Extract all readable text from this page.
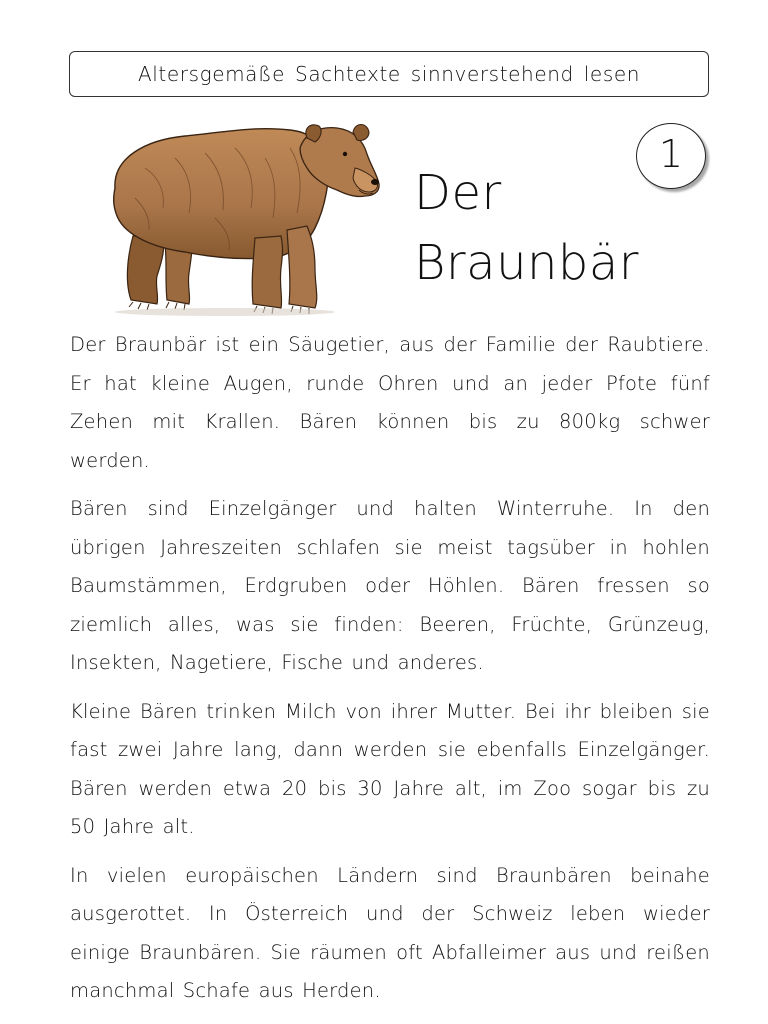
Altersgemäße Sachtexte sinnverstehend lesen
Der
Braunbär
1

Der Braunbär ist ein Säugetier, aus der Familie der Raubtiere. Er hat kleine Augen, runde Ohren und an jeder Pfote fünf Zehen mit Krallen. Bären können bis zu 800kg schwer werden.

Bären sind Einzelgänger und halten Winterruhe. In den übrigen Jahreszeiten schlafen sie meist tagsüber in hohlen Baumstämmen, Erdgruben oder Höhlen. Bären fressen so ziemlich alles, was sie finden: Beeren, Früchte, Grünzeug, Insekten, Nagetiere, Fische und anderes.

Kleine Bären trinken Milch von ihrer Mutter. Bei ihr bleiben sie fast zwei Jahre lang, dann werden sie ebenfalls Einzelgänger. Bären werden etwa 20 bis 30 Jahre alt, im Zoo sogar bis zu 50 Jahre alt.

In vielen europäischen Ländern sind Braunbären beinahe ausgerottet. In Österreich und der Schweiz leben wieder einige Braunbären. Sie räumen oft Abfalleimer aus und reißen manchmal Schafe aus Herden.
